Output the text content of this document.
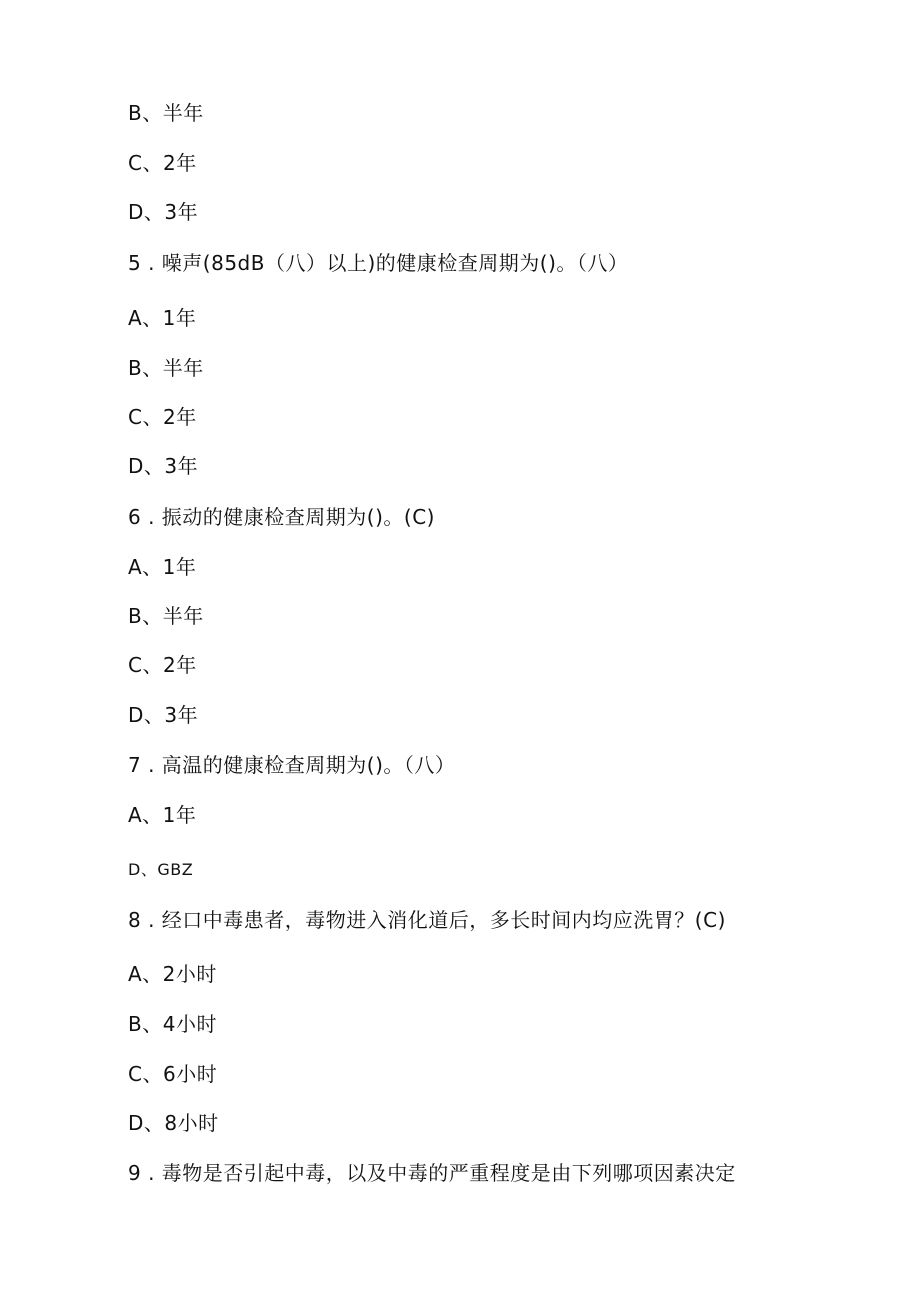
B、半年
C、2年
D、3年
5 . 噪声(85dB（八）以上)的健康检查周期为()。（八）
A、1年
B、半年
C、2年
D、3年
6 . 振动的健康检查周期为()。(C)
A、1年
B、半年
C、2年
D、3年
7 . 高温的健康检查周期为()。（八）
A、1年
D、GBZ
8 . 经口中毒患者，毒物进入消化道后，多长时间内均应洗胃？(C)
A、2小时
B、4小时
C、6小时
D、8小时
9 . 毒物是否引起中毒，以及中毒的严重程度是由下列哪项因素决定
